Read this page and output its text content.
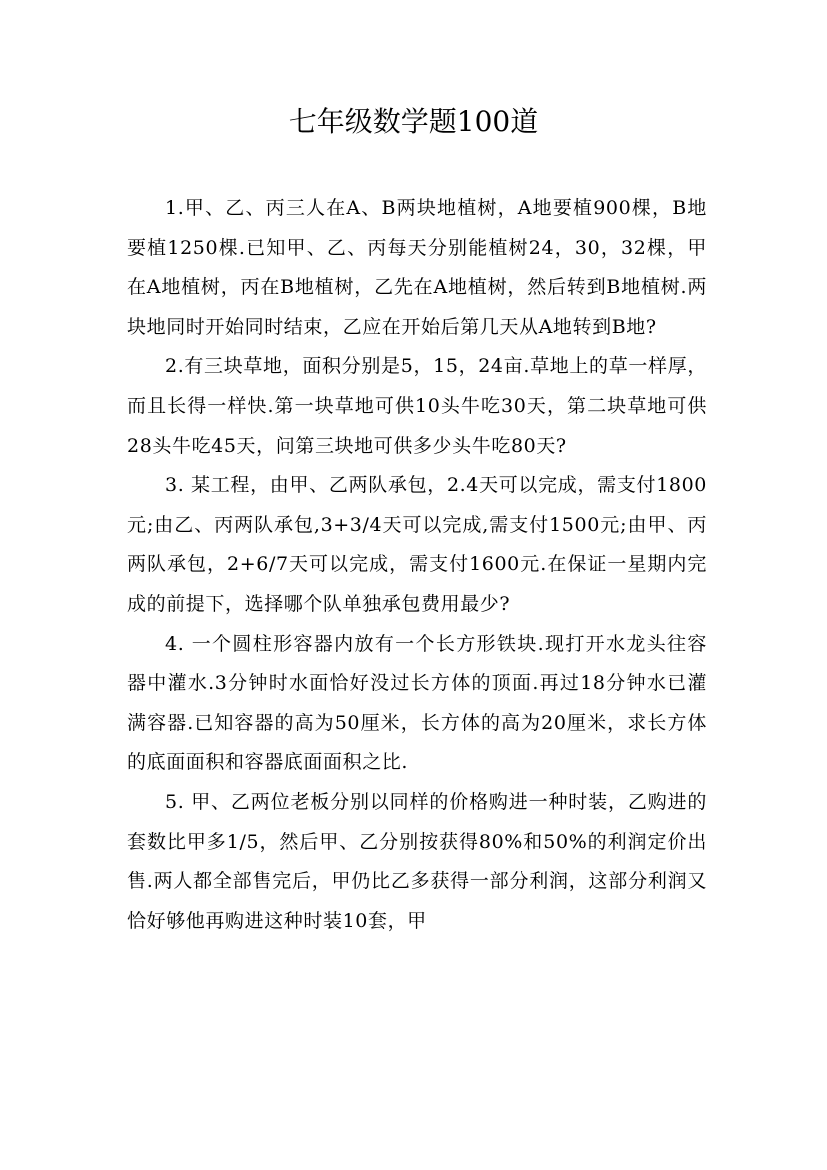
七年级数学题100道

1.甲、乙、丙三人在A、B两块地植树，A地要植900棵，B地要植1250棵.已知甲、乙、丙每天分别能植树24，30，32棵，甲在A地植树，丙在B地植树，乙先在A地植树，然后转到B地植树.两块地同时开始同时结束，乙应在开始后第几天从A地转到B地?

2.有三块草地，面积分别是5，15，24亩.草地上的草一样厚，而且长得一样快.第一块草地可供10头牛吃30天，第二块草地可供28头牛吃45天，问第三块地可供多少头牛吃80天?

3. 某工程，由甲、乙两队承包，2.4天可以完成，需支付1800元;由乙、丙两队承包,3+3/4天可以完成,需支付1500元;由甲、丙两队承包，2+6/7天可以完成，需支付1600元.在保证一星期内完成的前提下，选择哪个队单独承包费用最少?

4. 一个圆柱形容器内放有一个长方形铁块.现打开水龙头往容器中灌水.3分钟时水面恰好没过长方体的顶面.再过18分钟水已灌满容器.已知容器的高为50厘米，长方体的高为20厘米，求长方体的底面面积和容器底面面积之比.

5. 甲、乙两位老板分别以同样的价格购进一种时装，乙购进的套数比甲多1/5，然后甲、乙分别按获得80%和50%的利润定价出售.两人都全部售完后，甲仍比乙多获得一部分利润，这部分利润又恰好够他再购进这种时装10套，甲
